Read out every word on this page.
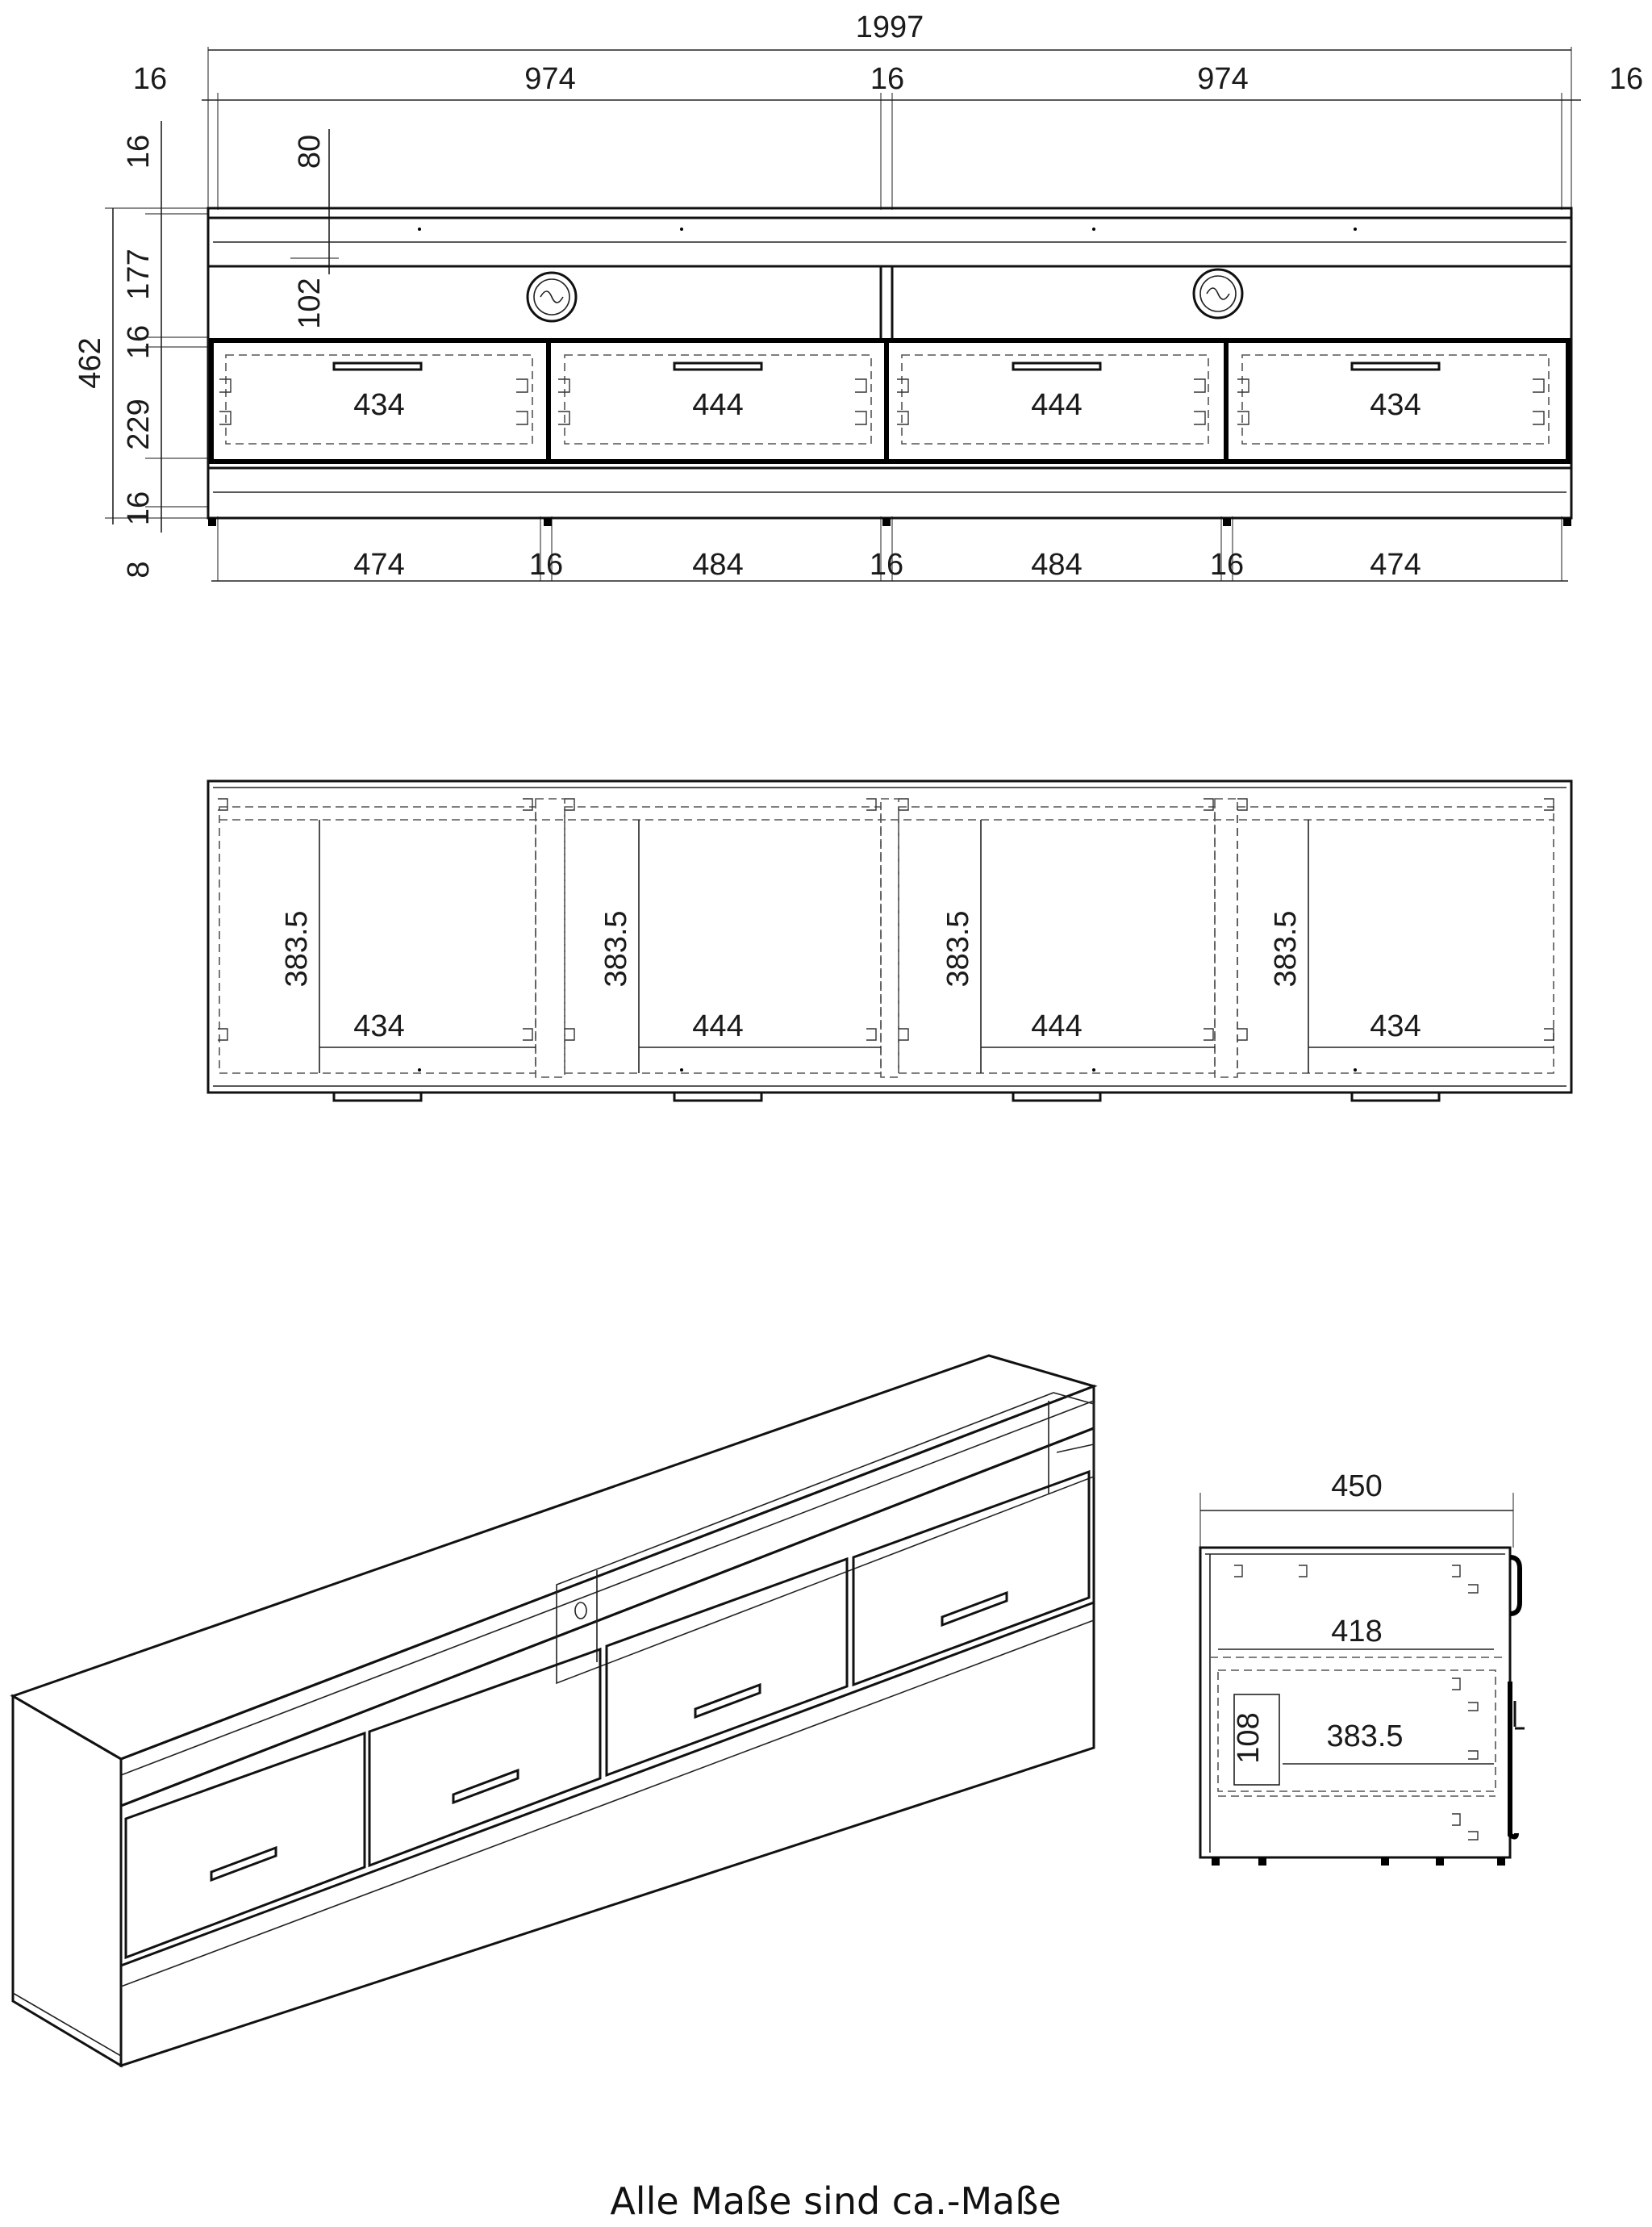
1997
16	974	16	974	16
16	80
177
102
16
462
229
16
8
434	444	444	434
474	16	484	16	484	16	474
383.5	383.5	383.5	383.5
434	444	444	434
450
418
108 383.5
Alle Maße sind ca.-Maße
